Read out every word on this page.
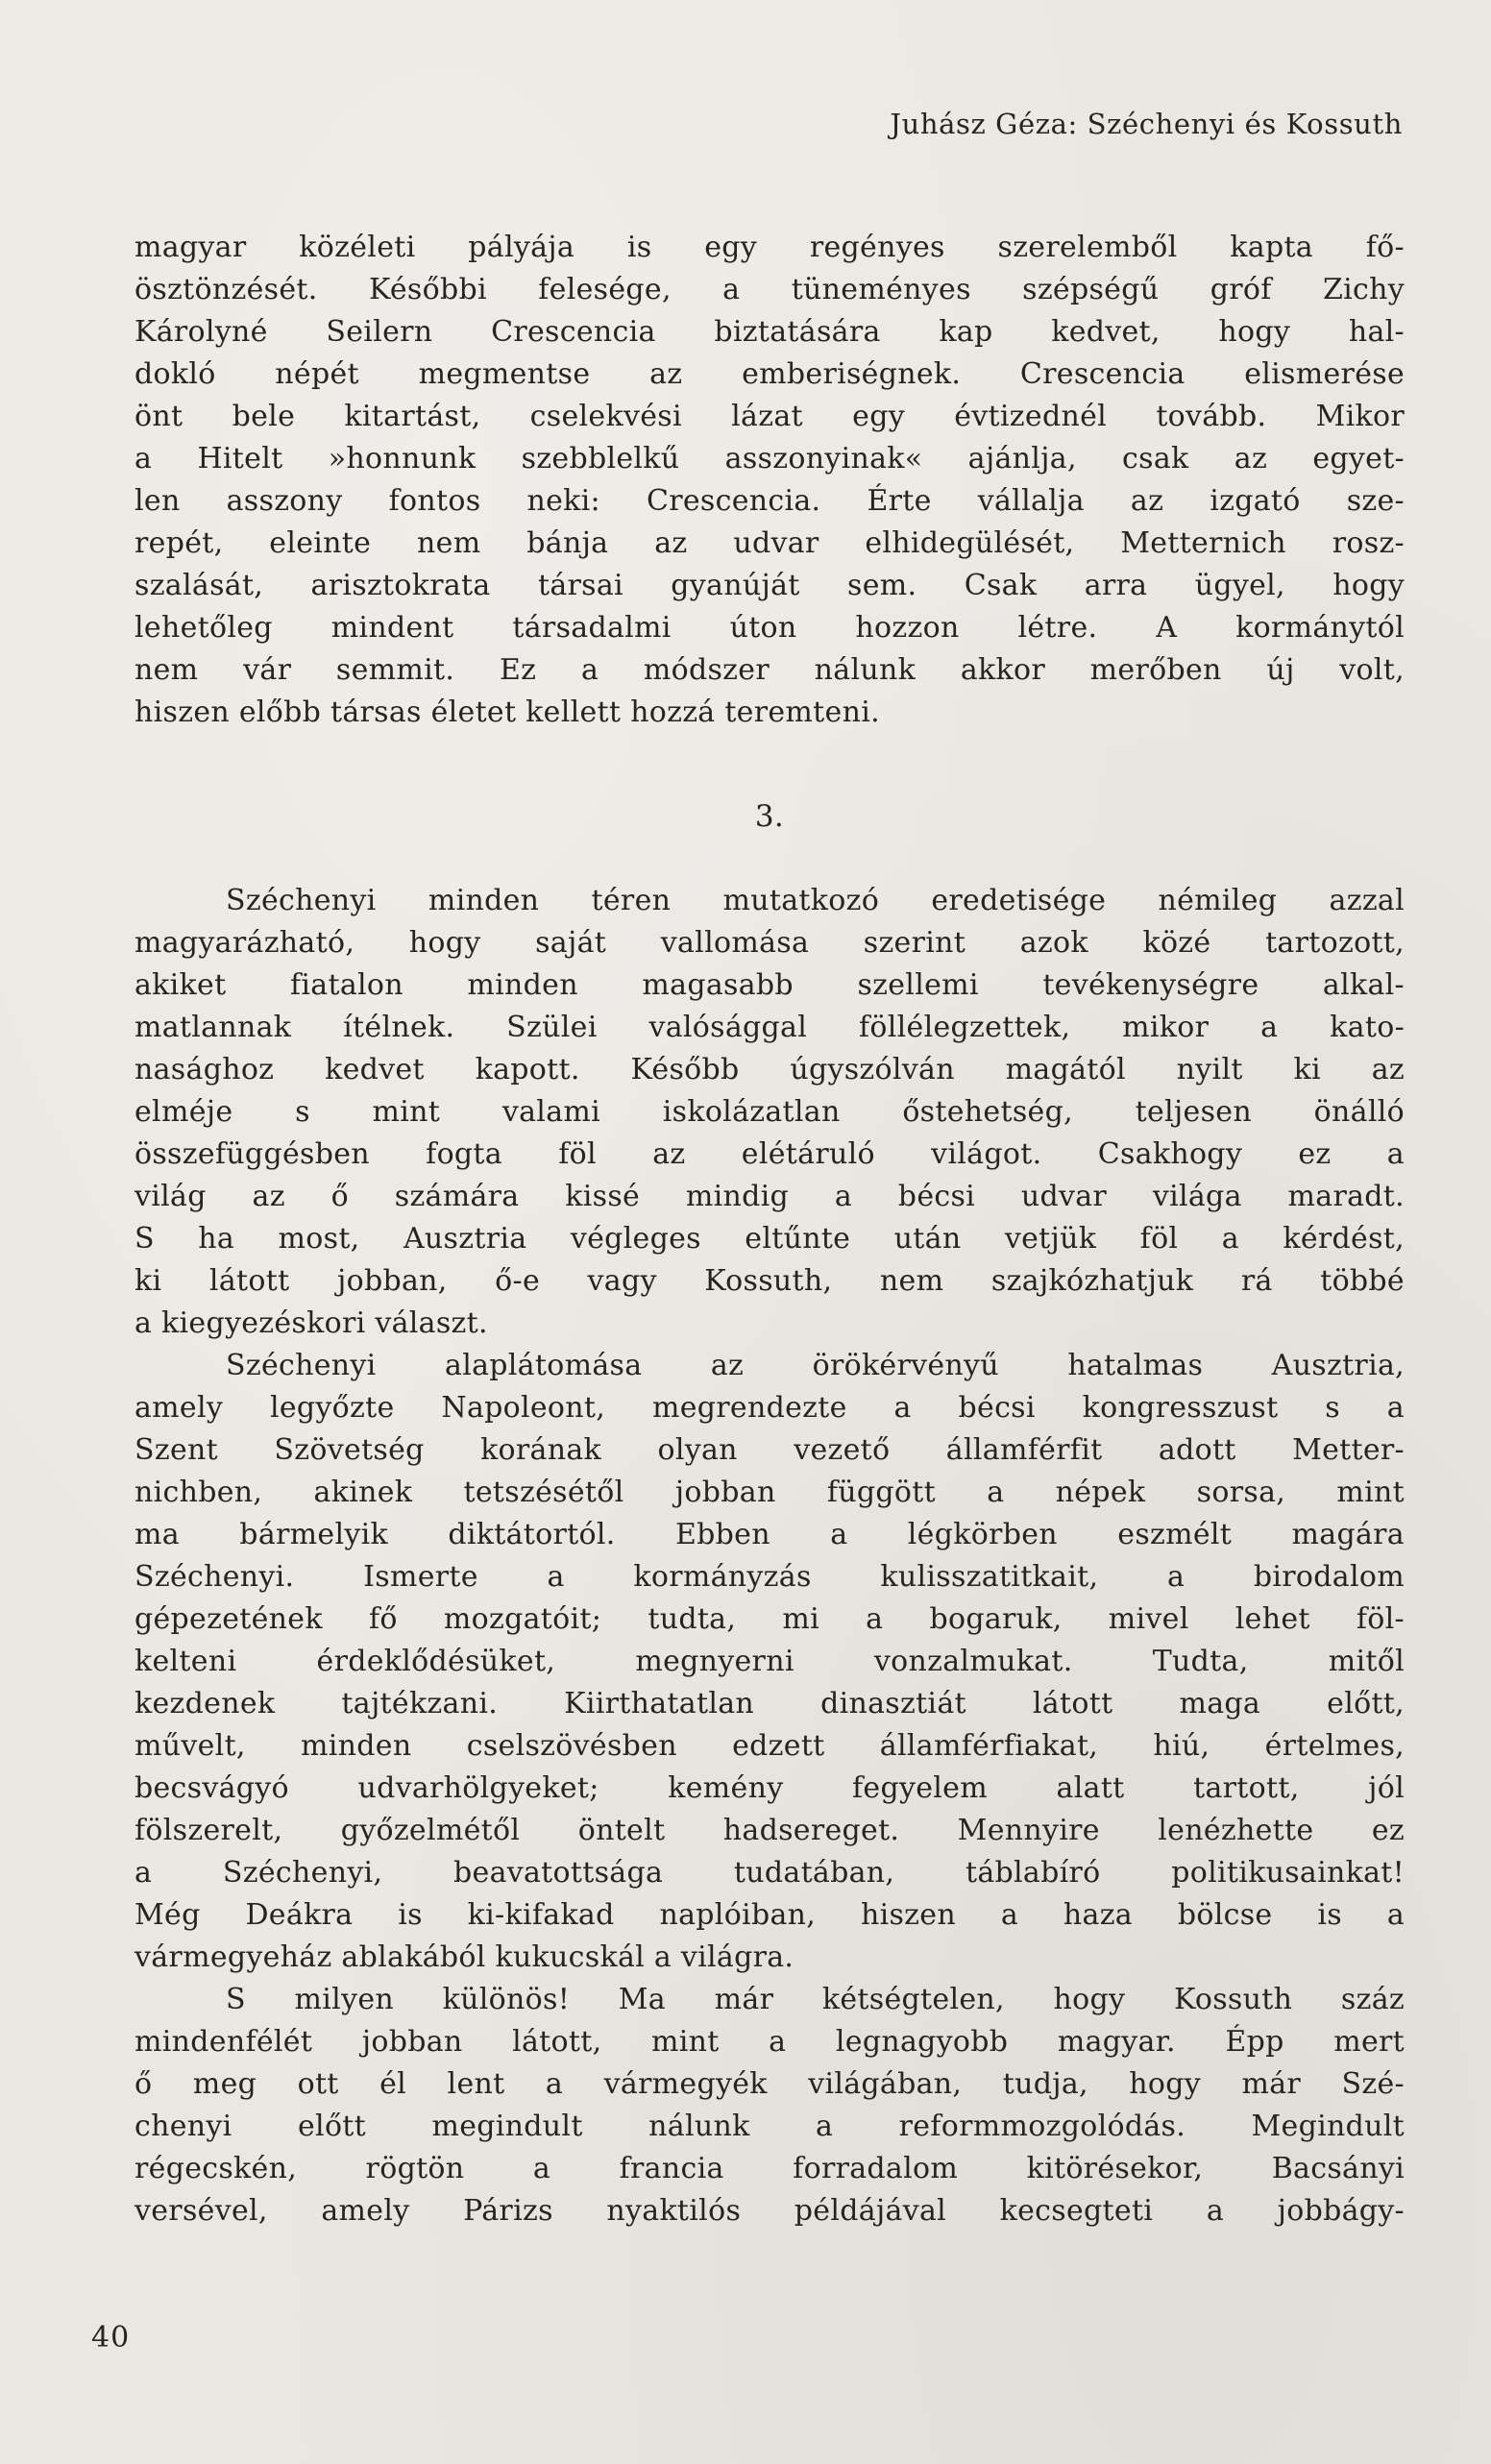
Juhász Géza: Széchenyi és Kossuth
magyar közéleti pályája is egy regényes szerelemből kapta fő-
ösztönzését. Későbbi felesége, a tüneményes szépségű gróf Zichy
Károlyné Seilern Crescencia biztatására kap kedvet, hogy hal-
dokló népét megmentse az emberiségnek. Crescencia elismerése
önt bele kitartást, cselekvési lázat egy évtizednél tovább. Mikor
a Hitelt »honnunk szebblelkű asszonyinak« ajánlja, csak az egyet-
len asszony fontos neki: Crescencia. Érte vállalja az izgató sze-
repét, eleinte nem bánja az udvar elhidegülését, Metternich rosz-
szalását, arisztokrata társai gyanúját sem. Csak arra ügyel, hogy
lehetőleg mindent társadalmi úton hozzon létre. A kormánytól
nem vár semmit. Ez a módszer nálunk akkor merőben új volt,
hiszen előbb társas életet kellett hozzá teremteni.
3.
Széchenyi minden téren mutatkozó eredetisége némileg azzal
magyarázható, hogy saját vallomása szerint azok közé tartozott,
akiket fiatalon minden magasabb szellemi tevékenységre alkal-
matlannak ítélnek. Szülei valósággal föllélegzettek, mikor a kato-
nasághoz kedvet kapott. Később úgyszólván magától nyilt ki az
elméje s mint valami iskolázatlan őstehetség, teljesen önálló
összefüggésben fogta föl az elétáruló világot. Csakhogy ez a
világ az ő számára kissé mindig a bécsi udvar világa maradt.
S ha most, Ausztria végleges eltűnte után vetjük föl a kérdést,
ki látott jobban, ő-e vagy Kossuth, nem szajkózhatjuk rá többé
a kiegyezéskori választ.
Széchenyi alaplátomása az örökérvényű hatalmas Ausztria,
amely legyőzte Napoleont, megrendezte a bécsi kongresszust s a
Szent Szövetség korának olyan vezető államférfit adott Metter-
nichben, akinek tetszésétől jobban függött a népek sorsa, mint
ma bármelyik diktátortól. Ebben a légkörben eszmélt magára
Széchenyi. Ismerte a kormányzás kulisszatitkait, a birodalom
gépezetének fő mozgatóit; tudta, mi a bogaruk, mivel lehet föl-
kelteni érdeklődésüket, megnyerni vonzalmukat. Tudta, mitől
kezdenek tajtékzani. Kiirthatatlan dinasztiát látott maga előtt,
művelt, minden cselszövésben edzett államférfiakat, hiú, értelmes,
becsvágyó udvarhölgyeket; kemény fegyelem alatt tartott, jól
fölszerelt, győzelmétől öntelt hadsereget. Mennyire lenézhette ez
a Széchenyi, beavatottsága tudatában, táblabíró politikusainkat!
Még Deákra is ki-kifakad naplóiban, hiszen a haza bölcse is a
vármegyeház ablakából kukucskál a világra.
S milyen különös! Ma már kétségtelen, hogy Kossuth száz
mindenfélét jobban látott, mint a legnagyobb magyar. Épp mert
ő meg ott él lent a vármegyék világában, tudja, hogy már Szé-
chenyi előtt megindult nálunk a reformmozgolódás. Megindult
régecskén, rögtön a francia forradalom kitörésekor, Bacsányi
versével, amely Párizs nyaktilós példájával kecsegteti a jobbágy-
40
